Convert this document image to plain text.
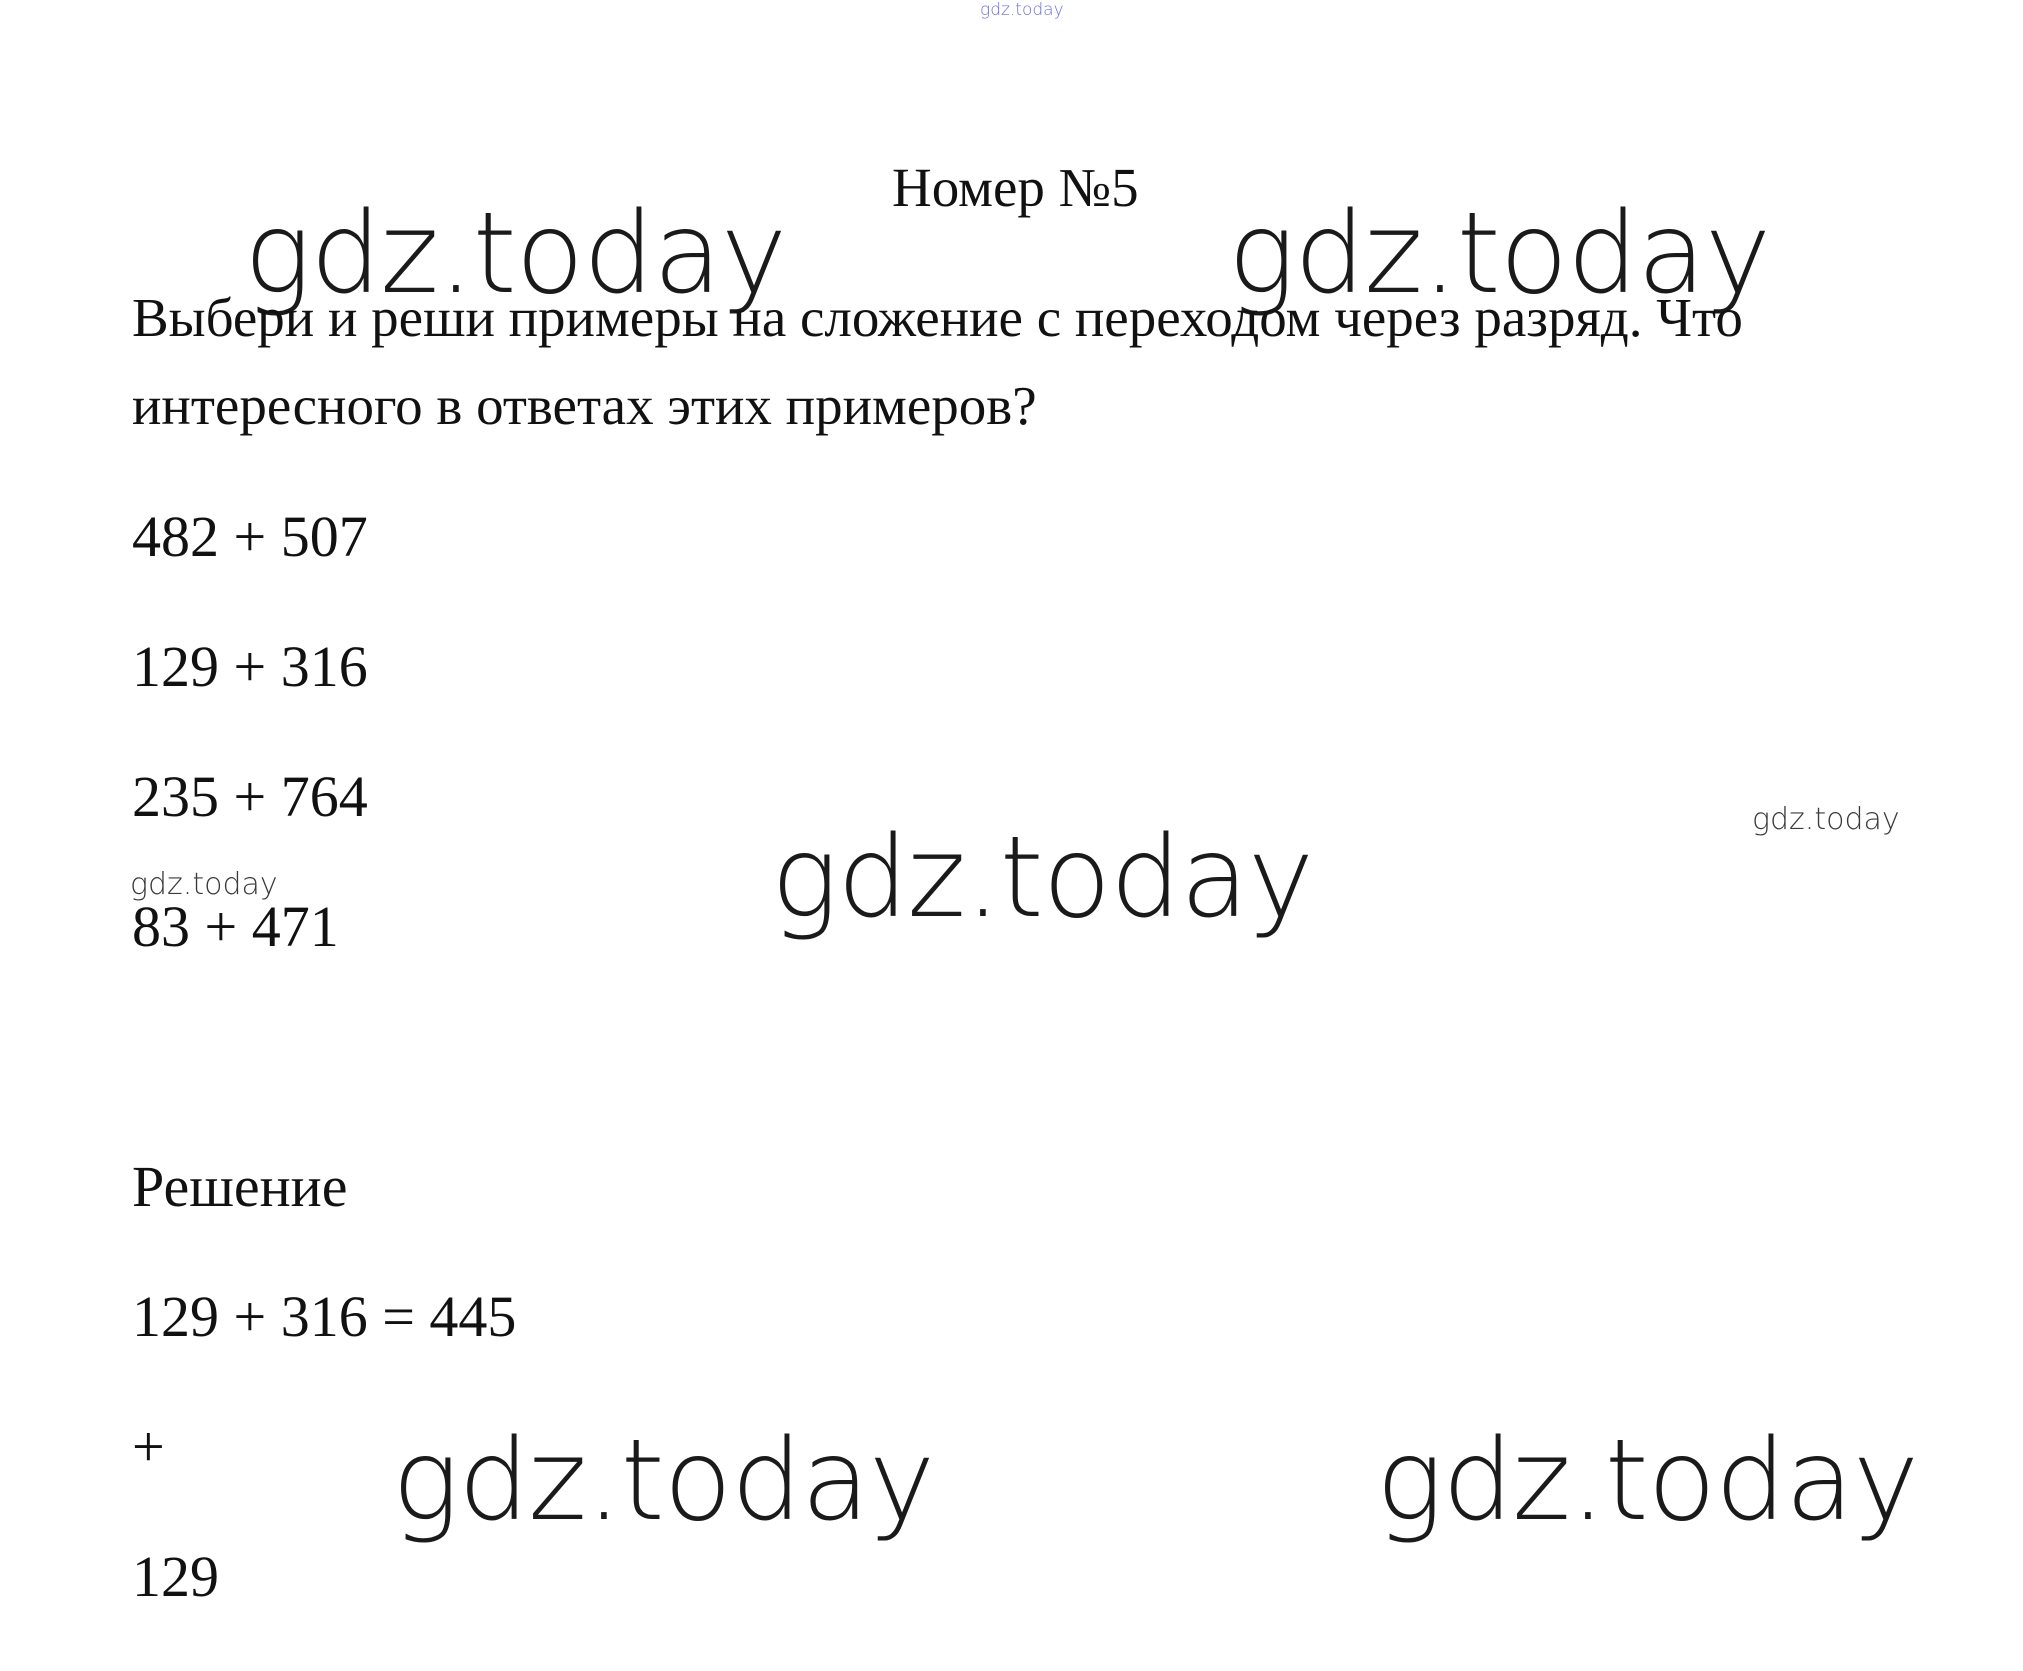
gdz.today
gdz.today	gdz.today
gdz.today	gdz.today
gdz.today
gdz.today	gdz.today
Номер №5
Выбери и реши примеры на сложение с переходом через разряд. Что
интересного в ответах этих примеров?
482 + 507
129 + 316
235 + 764
83 + 471
Решение
129 + 316 = 445
+
129
